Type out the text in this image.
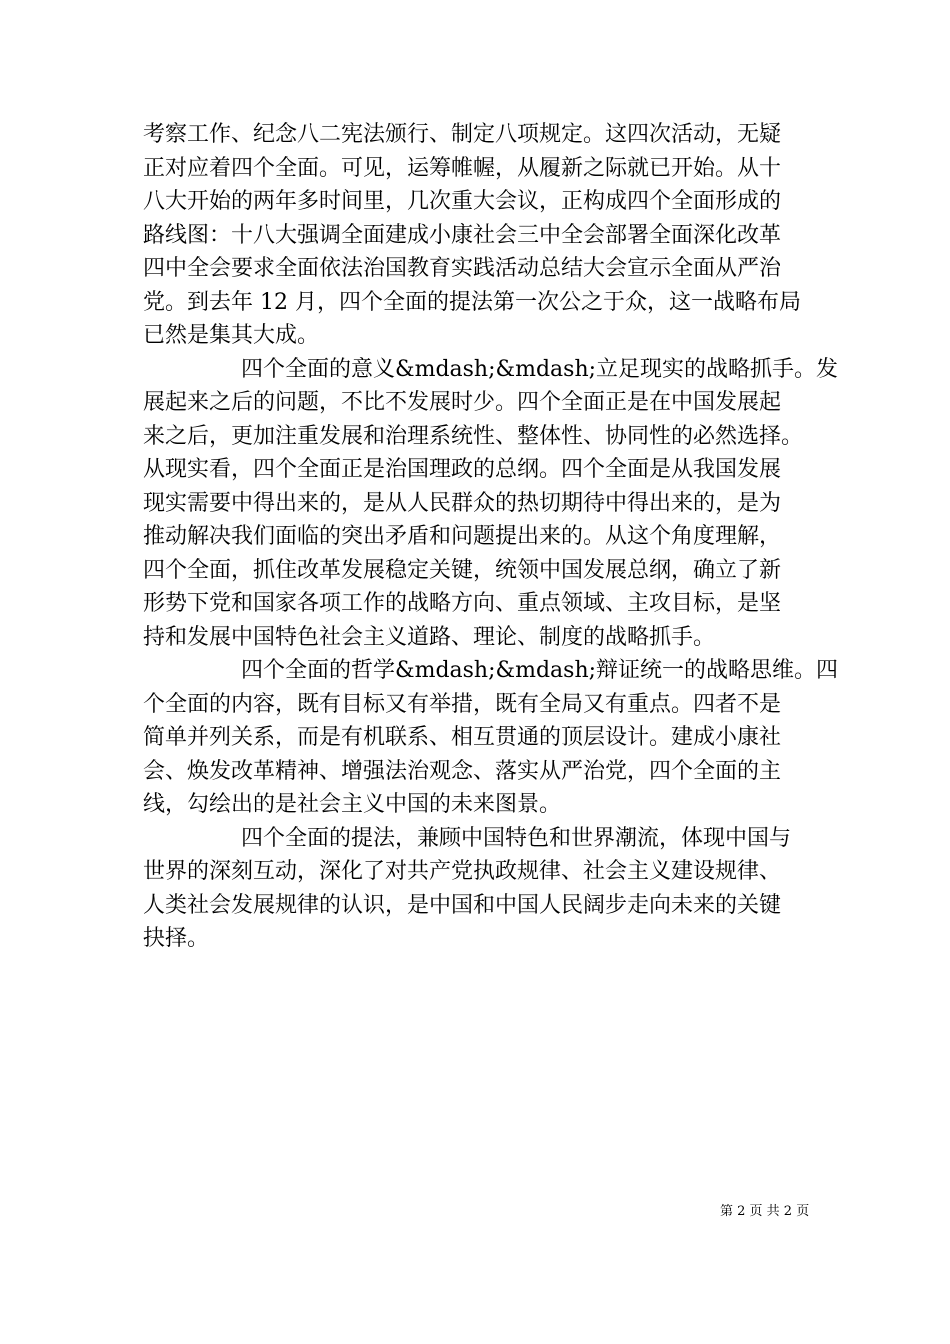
考察工作、纪念八二宪法颁行、制定八项规定。这四次活动，无疑
正对应着四个全面。可见，运筹帷幄，从履新之际就已开始。从十
八大开始的两年多时间里，几次重大会议，正构成四个全面形成的
路线图：十八大强调全面建成小康社会三中全会部署全面深化改革
四中全会要求全面依法治国教育实践活动总结大会宣示全面从严治
党。到去年 12 月，四个全面的提法第一次公之于众，这一战略布局
已然是集其大成。
四个全面的意义&mdash;&mdash;立足现实的战略抓手。发
展起来之后的问题，不比不发展时少。四个全面正是在中国发展起
来之后，更加注重发展和治理系统性、整体性、协同性的必然选择。
从现实看，四个全面正是治国理政的总纲。四个全面是从我国发展
现实需要中得出来的，是从人民群众的热切期待中得出来的，是为
推动解决我们面临的突出矛盾和问题提出来的。从这个角度理解，
四个全面，抓住改革发展稳定关键，统领中国发展总纲，确立了新
形势下党和国家各项工作的战略方向、重点领域、主攻目标，是坚
持和发展中国特色社会主义道路、理论、制度的战略抓手。
四个全面的哲学&mdash;&mdash;辩证统一的战略思维。四
个全面的内容，既有目标又有举措，既有全局又有重点。四者不是
简单并列关系，而是有机联系、相互贯通的顶层设计。建成小康社
会、焕发改革精神、增强法治观念、落实从严治党，四个全面的主
线，勾绘出的是社会主义中国的未来图景。
四个全面的提法，兼顾中国特色和世界潮流，体现中国与
世界的深刻互动，深化了对共产党执政规律、社会主义建设规律、
人类社会发展规律的认识，是中国和中国人民阔步走向未来的关键
抉择。
第 2 页 共 2 页
